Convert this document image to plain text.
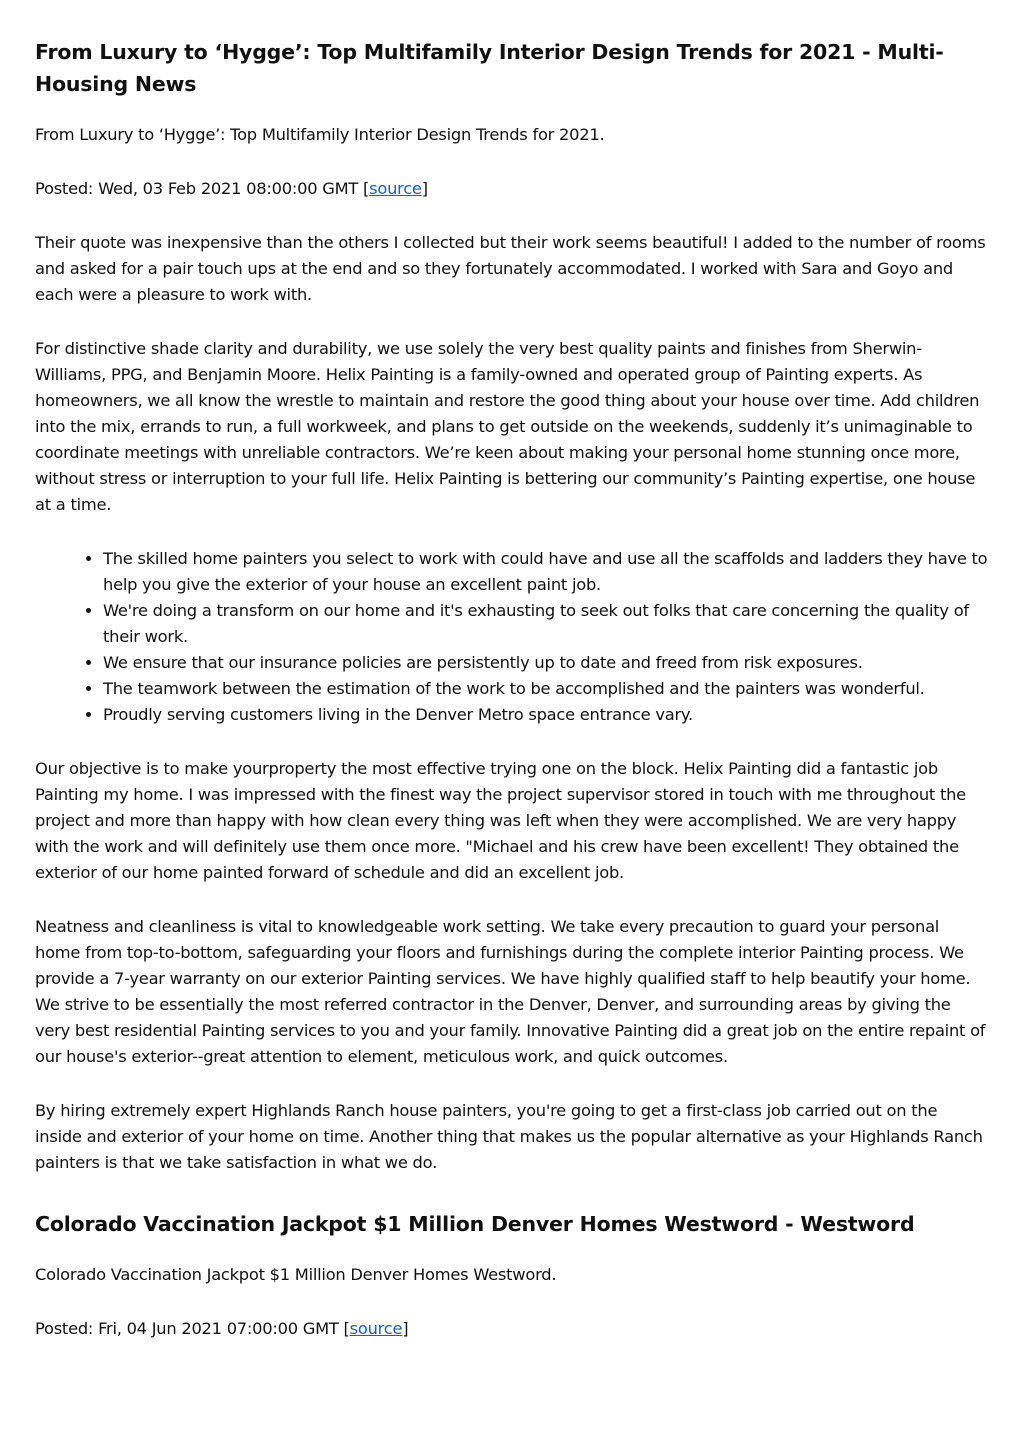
From Luxury to ‘Hygge’: Top Multifamily Interior Design Trends for 2021 - Multi-Housing News

From Luxury to ‘Hygge’: Top Multifamily Interior Design Trends for 2021.

Posted: Wed, 03 Feb 2021 08:00:00 GMT [source]

Their quote was inexpensive than the others I collected but their work seems beautiful! I added to the number of rooms and asked for a pair touch ups at the end and so they fortunately accommodated. I worked with Sara and Goyo and each were a pleasure to work with.

For distinctive shade clarity and durability, we use solely the very best quality paints and finishes from Sherwin-Williams, PPG, and Benjamin Moore. Helix Painting is a family-owned and operated group of Painting experts. As homeowners, we all know the wrestle to maintain and restore the good thing about your house over time. Add children into the mix, errands to run, a full workweek, and plans to get outside on the weekends, suddenly it’s unimaginable to coordinate meetings with unreliable contractors. We’re keen about making your personal home stunning once more, without stress or interruption to your full life. Helix Painting is bettering our community’s Painting expertise, one house at a time.

• The skilled home painters you select to work with could have and use all the scaffolds and ladders they have to help you give the exterior of your house an excellent paint job.
• We're doing a transform on our home and it's exhausting to seek out folks that care concerning the quality of their work.
• We ensure that our insurance policies are persistently up to date and freed from risk exposures.
• The teamwork between the estimation of the work to be accomplished and the painters was wonderful.
• Proudly serving customers living in the Denver Metro space entrance vary.

Our objective is to make yourproperty the most effective trying one on the block. Helix Painting did a fantastic job Painting my home. I was impressed with the finest way the project supervisor stored in touch with me throughout the project and more than happy with how clean every thing was left when they were accomplished. We are very happy with the work and will definitely use them once more. "Michael and his crew have been excellent! They obtained the exterior of our home painted forward of schedule and did an excellent job.

Neatness and cleanliness is vital to knowledgeable work setting. We take every precaution to guard your personal home from top-to-bottom, safeguarding your floors and furnishings during the complete interior Painting process. We provide a 7-year warranty on our exterior Painting services. We have highly qualified staff to help beautify your home. We strive to be essentially the most referred contractor in the Denver, Denver, and surrounding areas by giving the very best residential Painting services to you and your family. Innovative Painting did a great job on the entire repaint of our house's exterior--great attention to element, meticulous work, and quick outcomes.

By hiring extremely expert Highlands Ranch house painters, you're going to get a first-class job carried out on the inside and exterior of your home on time. Another thing that makes us the popular alternative as your Highlands Ranch painters is that we take satisfaction in what we do.

Colorado Vaccination Jackpot $1 Million Denver Homes Westword - Westword

Colorado Vaccination Jackpot $1 Million Denver Homes Westword.

Posted: Fri, 04 Jun 2021 07:00:00 GMT [source]
